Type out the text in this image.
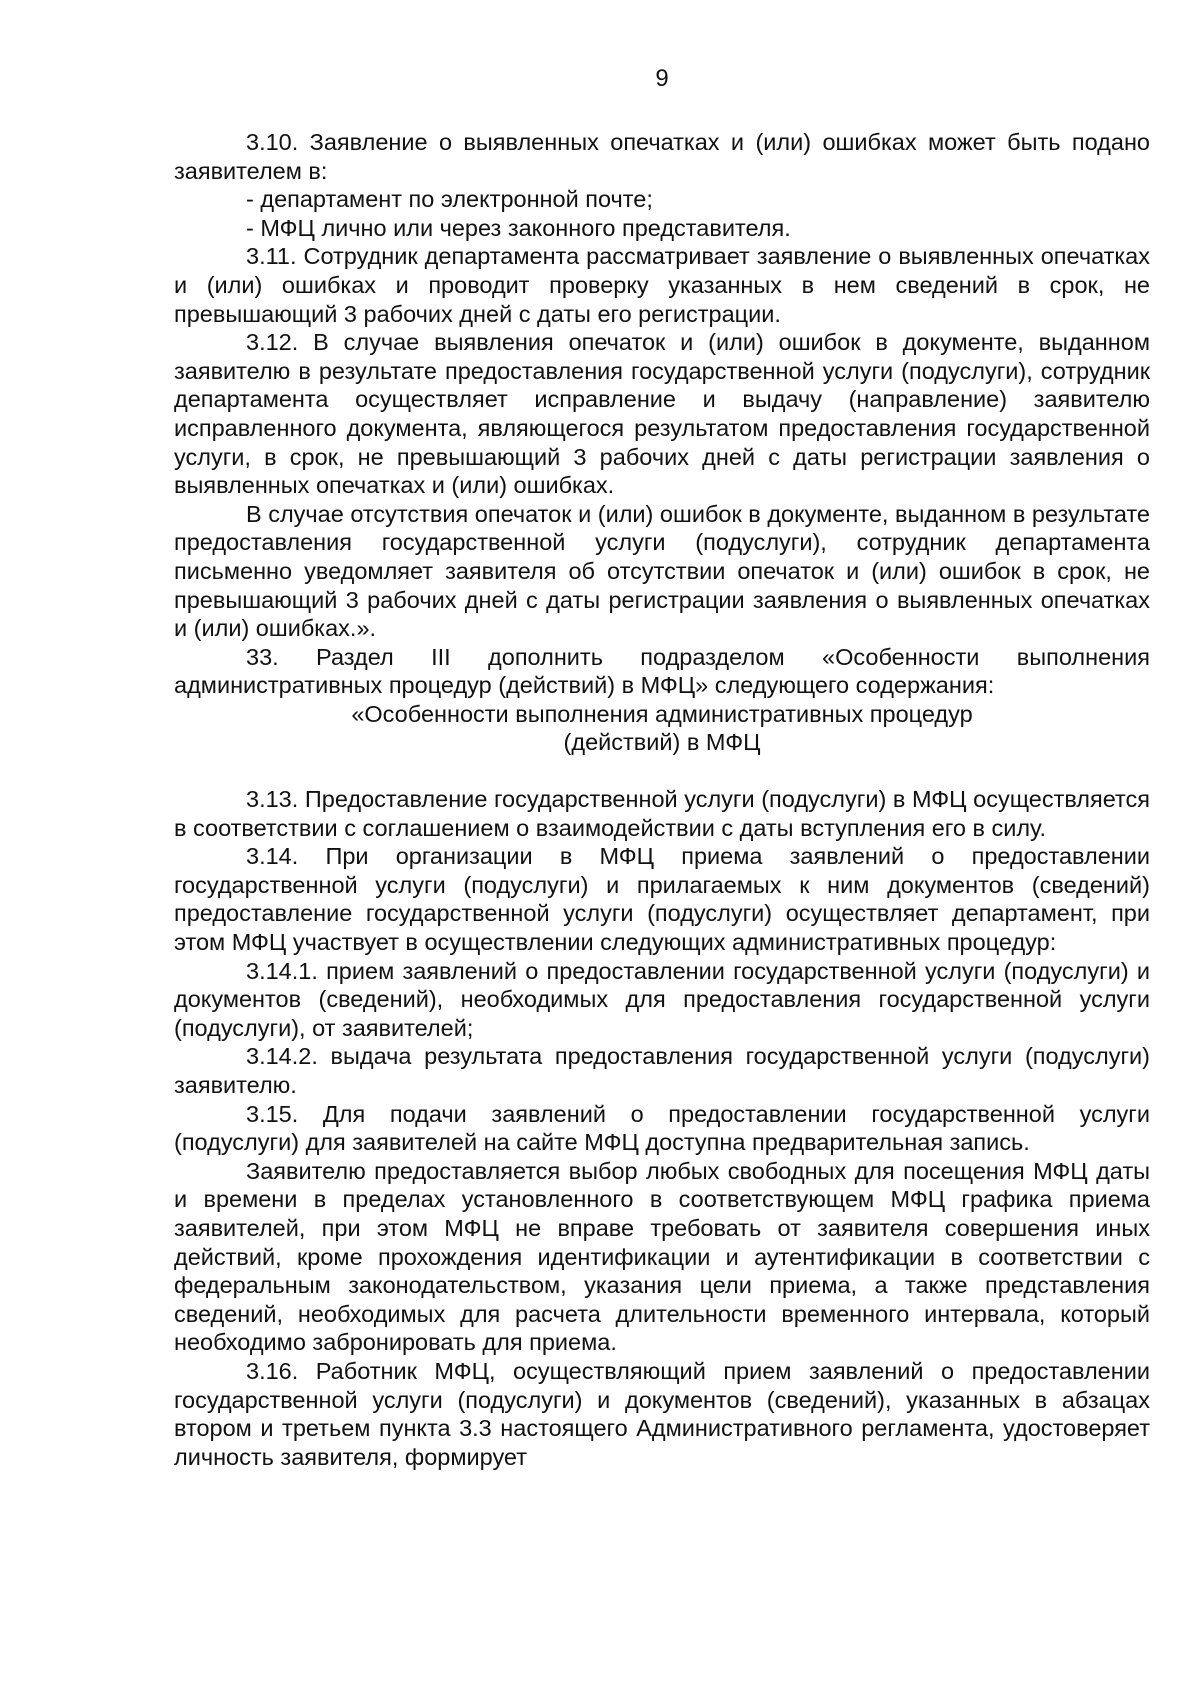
9

3.10. Заявление о выявленных опечатках и (или) ошибках может быть подано заявителем в:

- департамент по электронной почте;

- МФЦ лично или через законного представителя.

3.11. Сотрудник департамента рассматривает заявление о выявленных опечатках и (или) ошибках и проводит проверку указанных в нем сведений в срок, не превышающий 3 рабочих дней с даты его регистрации.

3.12. В случае выявления опечаток и (или) ошибок в документе, выданном заявителю в результате предоставления государственной услуги (подуслуги), сотрудник департамента осуществляет исправление и выдачу (направление) заявителю исправленного документа, являющегося результатом предоставления государственной услуги, в срок, не превышающий 3 рабочих дней с даты регистрации заявления о выявленных опечатках и (или) ошибках.

В случае отсутствия опечаток и (или) ошибок в документе, выданном в результате предоставления государственной услуги (подуслуги), сотрудник департамента письменно уведомляет заявителя об отсутствии опечаток и (или) ошибок в срок, не превышающий 3 рабочих дней с даты регистрации заявления о выявленных опечатках и (или) ошибках.».

33. Раздел III дополнить подразделом «Особенности выполнения административных процедур (действий) в МФЦ» следующего содержания:

«Особенности выполнения административных процедур

(действий) в МФЦ

3.13. Предоставление государственной услуги (подуслуги) в МФЦ осуществляется в соответствии с соглашением о взаимодействии с даты вступления его в силу.

3.14. При организации в МФЦ приема заявлений о предоставлении государственной услуги (подуслуги) и прилагаемых к ним документов (сведений) предоставление государственной услуги (подуслуги) осуществляет департамент, при этом МФЦ участвует в осуществлении следующих административных процедур:

3.14.1. прием заявлений о предоставлении государственной услуги (подуслуги) и документов (сведений), необходимых для предоставления государственной услуги (подуслуги), от заявителей;

3.14.2. выдача результата предоставления государственной услуги (подуслуги) заявителю.

3.15. Для подачи заявлений о предоставлении государственной услуги (подуслуги) для заявителей на сайте МФЦ доступна предварительная запись.

Заявителю предоставляется выбор любых свободных для посещения МФЦ даты и времени в пределах установленного в соответствующем МФЦ графика приема заявителей, при этом МФЦ не вправе требовать от заявителя совершения иных действий, кроме прохождения идентификации и аутентификации в соответствии с федеральным законодательством, указания цели приема, а также представления сведений, необходимых для расчета длительности временного интервала, который необходимо забронировать для приема.

3.16. Работник МФЦ, осуществляющий прием заявлений о предоставлении государственной услуги (подуслуги) и документов (сведений), указанных в абзацах втором и третьем пункта 3.3 настоящего Административного регламента, удостоверяет личность заявителя, формирует
